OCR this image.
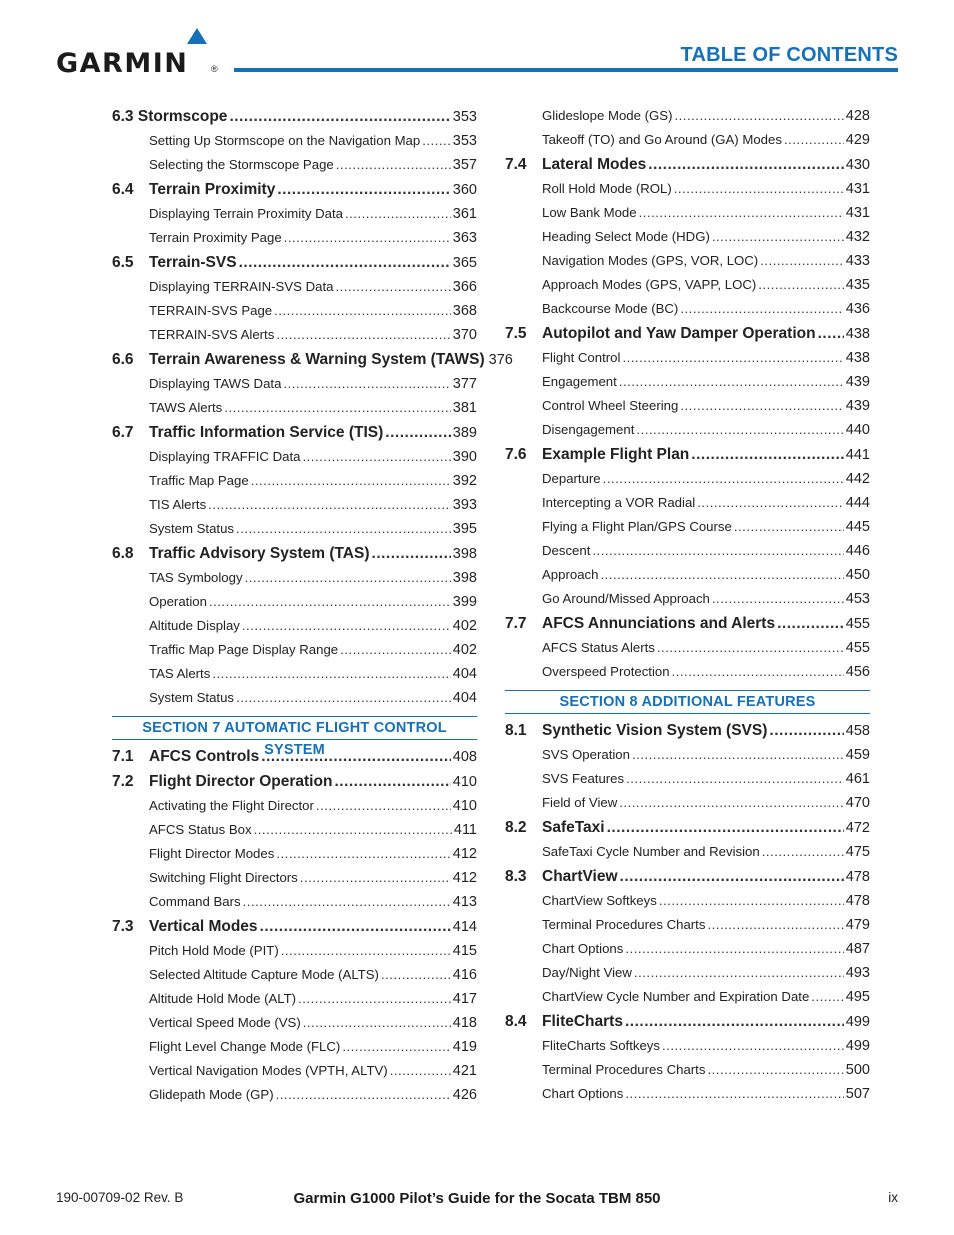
GARMIN	®
TABLE OF CONTENTS
6.3 Stormscope .....	353
Setting Up Stormscope on the Navigation Map ..... 353
Selecting the Stormscope Page .....	357
6.4 Terrain Proximity .....	360
Displaying Terrain Proximity Data .....	361
Terrain Proximity Page .....	363
6.5 Terrain-SVS .....	365
Displaying TERRAIN-SVS Data .....	366
TERRAIN-SVS Page .....	368
TERRAIN-SVS Alerts .....	370
6.6 Terrain Awareness & Warning System (TAWS) 376
Displaying TAWS Data .....	377
TAWS Alerts .....	381
6.7 Traffic Information Service (TIS) .....	389
Displaying TRAFFIC Data .....	390
Traffic Map Page .....	392
TIS Alerts .....	393
System Status .....	395
6.8 Traffic Advisory System (TAS) .....	398
TAS Symbology .....	398
Operation .....	399
Altitude Display .....	402
Traffic Map Page Display Range .....	402
TAS Alerts .....	404
System Status .....	404
SECTION 7 AUTOMATIC FLIGHT CONTROL SYSTEM
7.1 AFCS Controls .....	408
7.2 Flight Director Operation .....	410
Activating the Flight Director .....	410
AFCS Status Box .....	411
Flight Director Modes .....	412
Switching Flight Directors .....	412
Command Bars .....	413
7.3 Vertical Modes .....	414
Pitch Hold Mode (PIT) .....	415
Selected Altitude Capture Mode (ALTS) .....	416
Altitude Hold Mode (ALT) .....	417
Vertical Speed Mode (VS) .....	418
Flight Level Change Mode (FLC) .....	419
Vertical Navigation Modes (VPTH, ALTV) .....	421
Glidepath Mode (GP) .....	426
Glideslope Mode (GS) .....	428
Takeoff (TO) and Go Around (GA) Modes .....	429
7.4 Lateral Modes .....	430
Roll Hold Mode (ROL) .....	431
Low Bank Mode .....	431
Heading Select Mode (HDG) .....	432
Navigation Modes (GPS, VOR, LOC) .....	433
Approach Modes (GPS, VAPP, LOC) .....	435
Backcourse Mode (BC) .....	436
7.5 Autopilot and Yaw Damper Operation ..... 438
Flight Control .....	438
Engagement .....	439
Control Wheel Steering .....	439
Disengagement .....	440
7.6 Example Flight Plan .....	441
Departure .....	442
Intercepting a VOR Radial .....	444
Flying a Flight Plan/GPS Course .....	445
Descent .....	446
Approach .....	450
Go Around/Missed Approach .....	453
7.7 AFCS Annunciations and Alerts .....	455
AFCS Status Alerts .....	455
Overspeed Protection .....	456
SECTION 8 ADDITIONAL FEATURES
8.1 Synthetic Vision System (SVS) .....	458
SVS Operation .....	459
SVS Features .....	461
Field of View .....	470
8.2 SafeTaxi .....	472
SafeTaxi Cycle Number and Revision .....	475
8.3 ChartView .....	478
ChartView Softkeys .....	478
Terminal Procedures Charts .....	479
Chart Options .....	487
Day/Night View .....	493
ChartView Cycle Number and Expiration Date .....	495
8.4 FliteCharts .....	499
FliteCharts Softkeys .....	499
Terminal Procedures Charts .....	500
Chart Options .....	507
190-00709-02 Rev. B	Garmin G1000 Pilot’s Guide for the Socata TBM 850	ix
